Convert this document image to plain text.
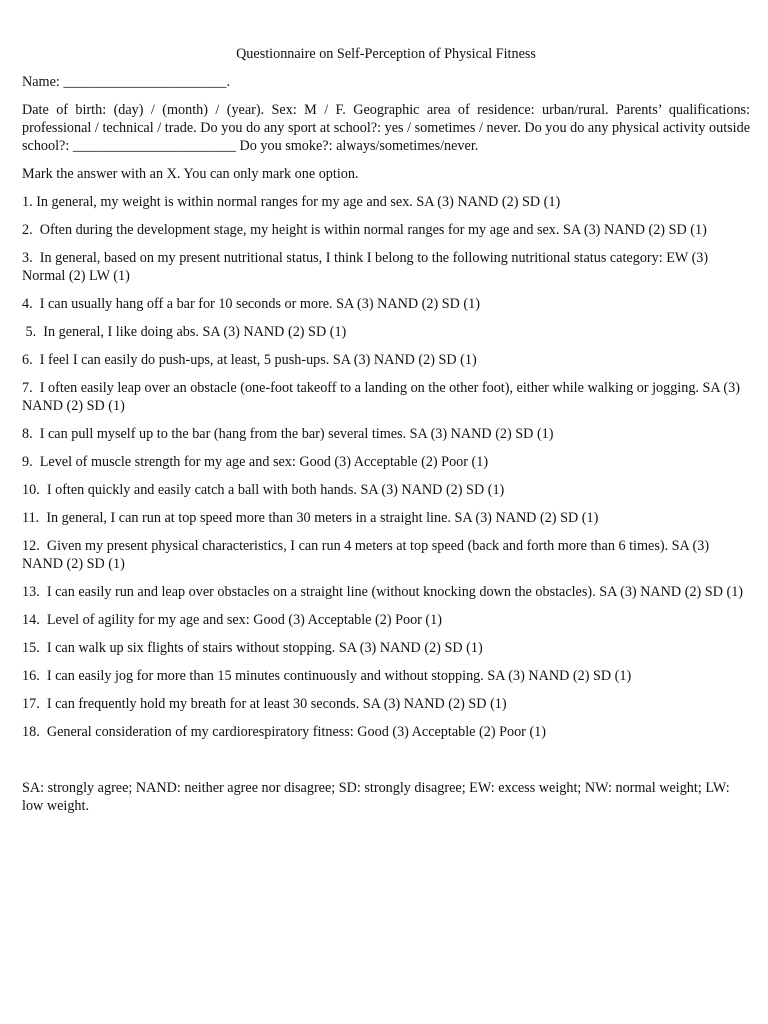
Questionnaire on Self-Perception of Physical Fitness
Name: _______________________.
Date of birth: (day) / (month) / (year). Sex: M / F. Geographic area of residence: urban/rural. Parents’ qualifications: professional / technical / trade. Do you do any sport at school?: yes / sometimes / never. Do you do any physical activity outside school?: _______________________ Do you smoke?: always/sometimes/never.
Mark the answer with an X. You can only mark one option.
1. In general, my weight is within normal ranges for my age and sex. SA (3) NAND (2) SD (1)
2.  Often during the development stage, my height is within normal ranges for my age and sex. SA (3) NAND (2) SD (1)
3.  In general, based on my present nutritional status, I think I belong to the following nutritional status category: EW (3) Normal (2) LW (1)
4.  I can usually hang off a bar for 10 seconds or more. SA (3) NAND (2) SD (1)
5.  In general, I like doing abs. SA (3) NAND (2) SD (1)
6.  I feel I can easily do push-ups, at least, 5 push-ups. SA (3) NAND (2) SD (1)
7.  I often easily leap over an obstacle (one-foot takeoff to a landing on the other foot), either while walking or jogging. SA (3) NAND (2) SD (1)
8.  I can pull myself up to the bar (hang from the bar) several times. SA (3) NAND (2) SD (1)
9.  Level of muscle strength for my age and sex: Good (3) Acceptable (2) Poor (1)
10.  I often quickly and easily catch a ball with both hands. SA (3) NAND (2) SD (1)
11.  In general, I can run at top speed more than 30 meters in a straight line. SA (3) NAND (2) SD (1)
12.  Given my present physical characteristics, I can run 4 meters at top speed (back and forth more than 6 times). SA (3) NAND (2) SD (1)
13.  I can easily run and leap over obstacles on a straight line (without knocking down the obstacles). SA (3) NAND (2) SD (1)
14.  Level of agility for my age and sex: Good (3) Acceptable (2) Poor (1)
15.  I can walk up six flights of stairs without stopping. SA (3) NAND (2) SD (1)
16.  I can easily jog for more than 15 minutes continuously and without stopping. SA (3) NAND (2) SD (1)
17.  I can frequently hold my breath for at least 30 seconds. SA (3) NAND (2) SD (1)
18.  General consideration of my cardiorespiratory fitness: Good (3) Acceptable (2) Poor (1)
SA: strongly agree; NAND: neither agree nor disagree; SD: strongly disagree; EW: excess weight; NW: normal weight; LW: low weight.
